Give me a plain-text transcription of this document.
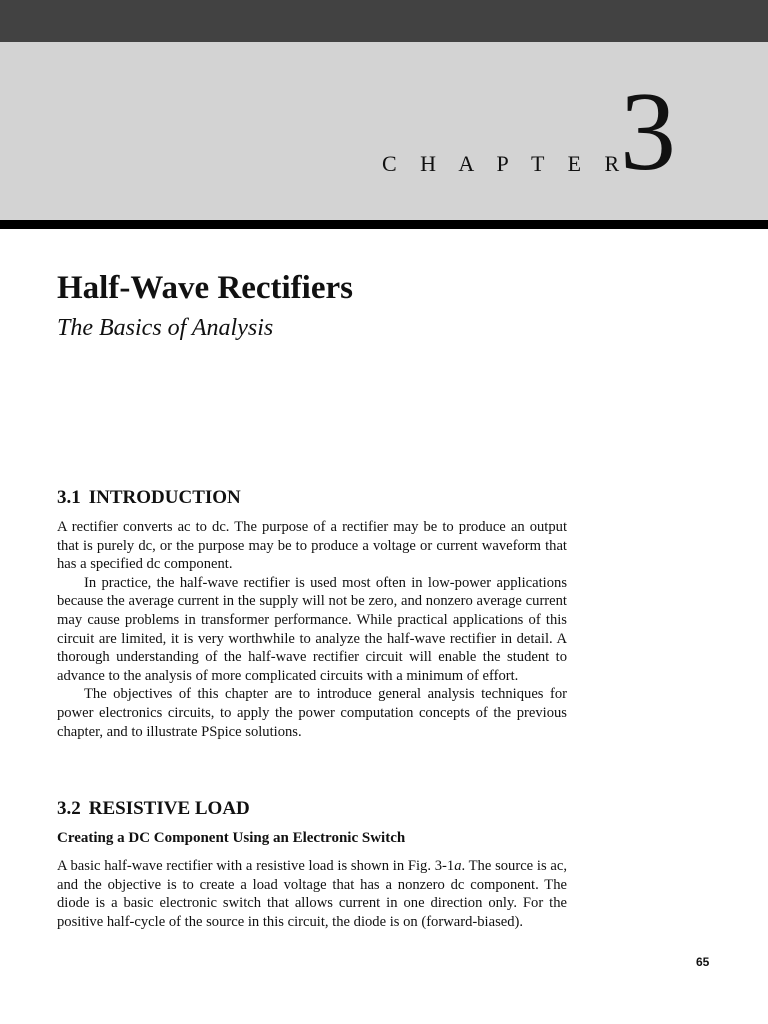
C H A P T E R
3
Half-Wave Rectifiers
The Basics of Analysis
3.1 INTRODUCTION

A rectifier converts ac to dc. The purpose of a rectifier may be to produce an output that is purely dc, or the purpose may be to produce a voltage or current waveform that has a specified dc component.

In practice, the half-wave rectifier is used most often in low-power applications because the average current in the supply will not be zero, and nonzero average current may cause problems in transformer performance. While practical applications of this circuit are limited, it is very worthwhile to analyze the half-wave rectifier in detail. A thorough understanding of the half-wave rectifier circuit will enable the student to advance to the analysis of more complicated circuits with a minimum of effort.

The objectives of this chapter are to introduce general analysis techniques for power electronics circuits, to apply the power computation concepts of the previous chapter, and to illustrate PSpice solutions.

3.2 RESISTIVE LOAD
Creating a DC Component Using an Electronic Switch

A basic half-wave rectifier with a resistive load is shown in Fig. 3-1a. The source is ac, and the objective is to create a load voltage that has a nonzero dc component. The diode is a basic electronic switch that allows current in one direction only. For the positive half-cycle of the source in this circuit, the diode is on (forward-biased).

65
